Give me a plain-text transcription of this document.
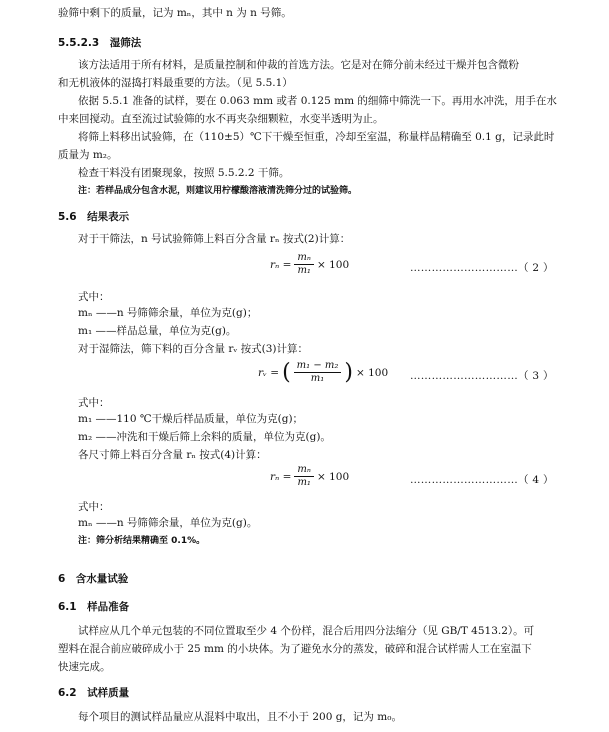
验筛中剩下的质量，记为 mₙ，其中 n 为 n 号筛。
5.5.2.3　湿筛法
该方法适用于所有材料，是质量控制和仲裁的首选方法。它是对在筛分前未经过干燥并包含微粉
和无机液体的湿捣打料最重要的方法。（见 5.5.1）
依据 5.5.1 准备的试样，要在 0.063 mm 或者 0.125 mm 的细筛中筛洗一下。再用水冲洗，用手在水
中来回搅动。直至流过试验筛的水不再夹杂细颗粒，水变半透明为止。
将筛上料移出试验筛，在（110±5）℃下干燥至恒重，冷却至室温，称量样品精确至 0.1 g，记录此时
质量为 m₂。
检查干料没有团聚现象，按照 5.5.2.2 干筛。
注：若样品成分包含水泥，则建议用柠檬酸溶液清洗筛分过的试验筛。
5.6　结果表示
对于干筛法，n 号试验筛筛上料百分含量 rₙ 按式(2)计算：
$r_n = \frac{\text{mₙ}}{\text{m₁}} \times 100$	…………………………（ 2 ）
式中：
mₙ ——n 号筛筛余量，单位为克(g)；
m₁ ——样品总量，单位为克(g)。
对于湿筛法，筛下料的百分含量 rᵥ 按式(3)计算：
rᵥ = ( $\frac{\text{m₁ − m₂}}{\text{m₁}}$ ) × 100 …………………………（ 3 ）
式中：
m₁ ——110 ℃干燥后样品质量，单位为克(g)；
m₂ ——冲洗和干燥后筛上余料的质量，单位为克(g)。
各尺寸筛上料百分含量 rₙ 按式(4)计算：
$r_n = \frac{\text{mₙ}}{\text{m₁}} \times 100$	…………………………（ 4 ）
式中：
mₙ ——n 号筛筛余量，单位为克(g)。
注：筛分析结果精确至 0.1%。
6　含水量试验
6.1　样品准备
试样应从几个单元包装的不同位置取至少 4 个份样，混合后用四分法缩分（见 GB/T 4513.2）。可
塑料在混合前应破碎成小于 25 mm 的小块体。为了避免水分的蒸发，破碎和混合试样需人工在室温下
快速完成。
6.2　试样质量
每个项目的测试样品量应从混料中取出，且不小于 200 g，记为 m₀。
